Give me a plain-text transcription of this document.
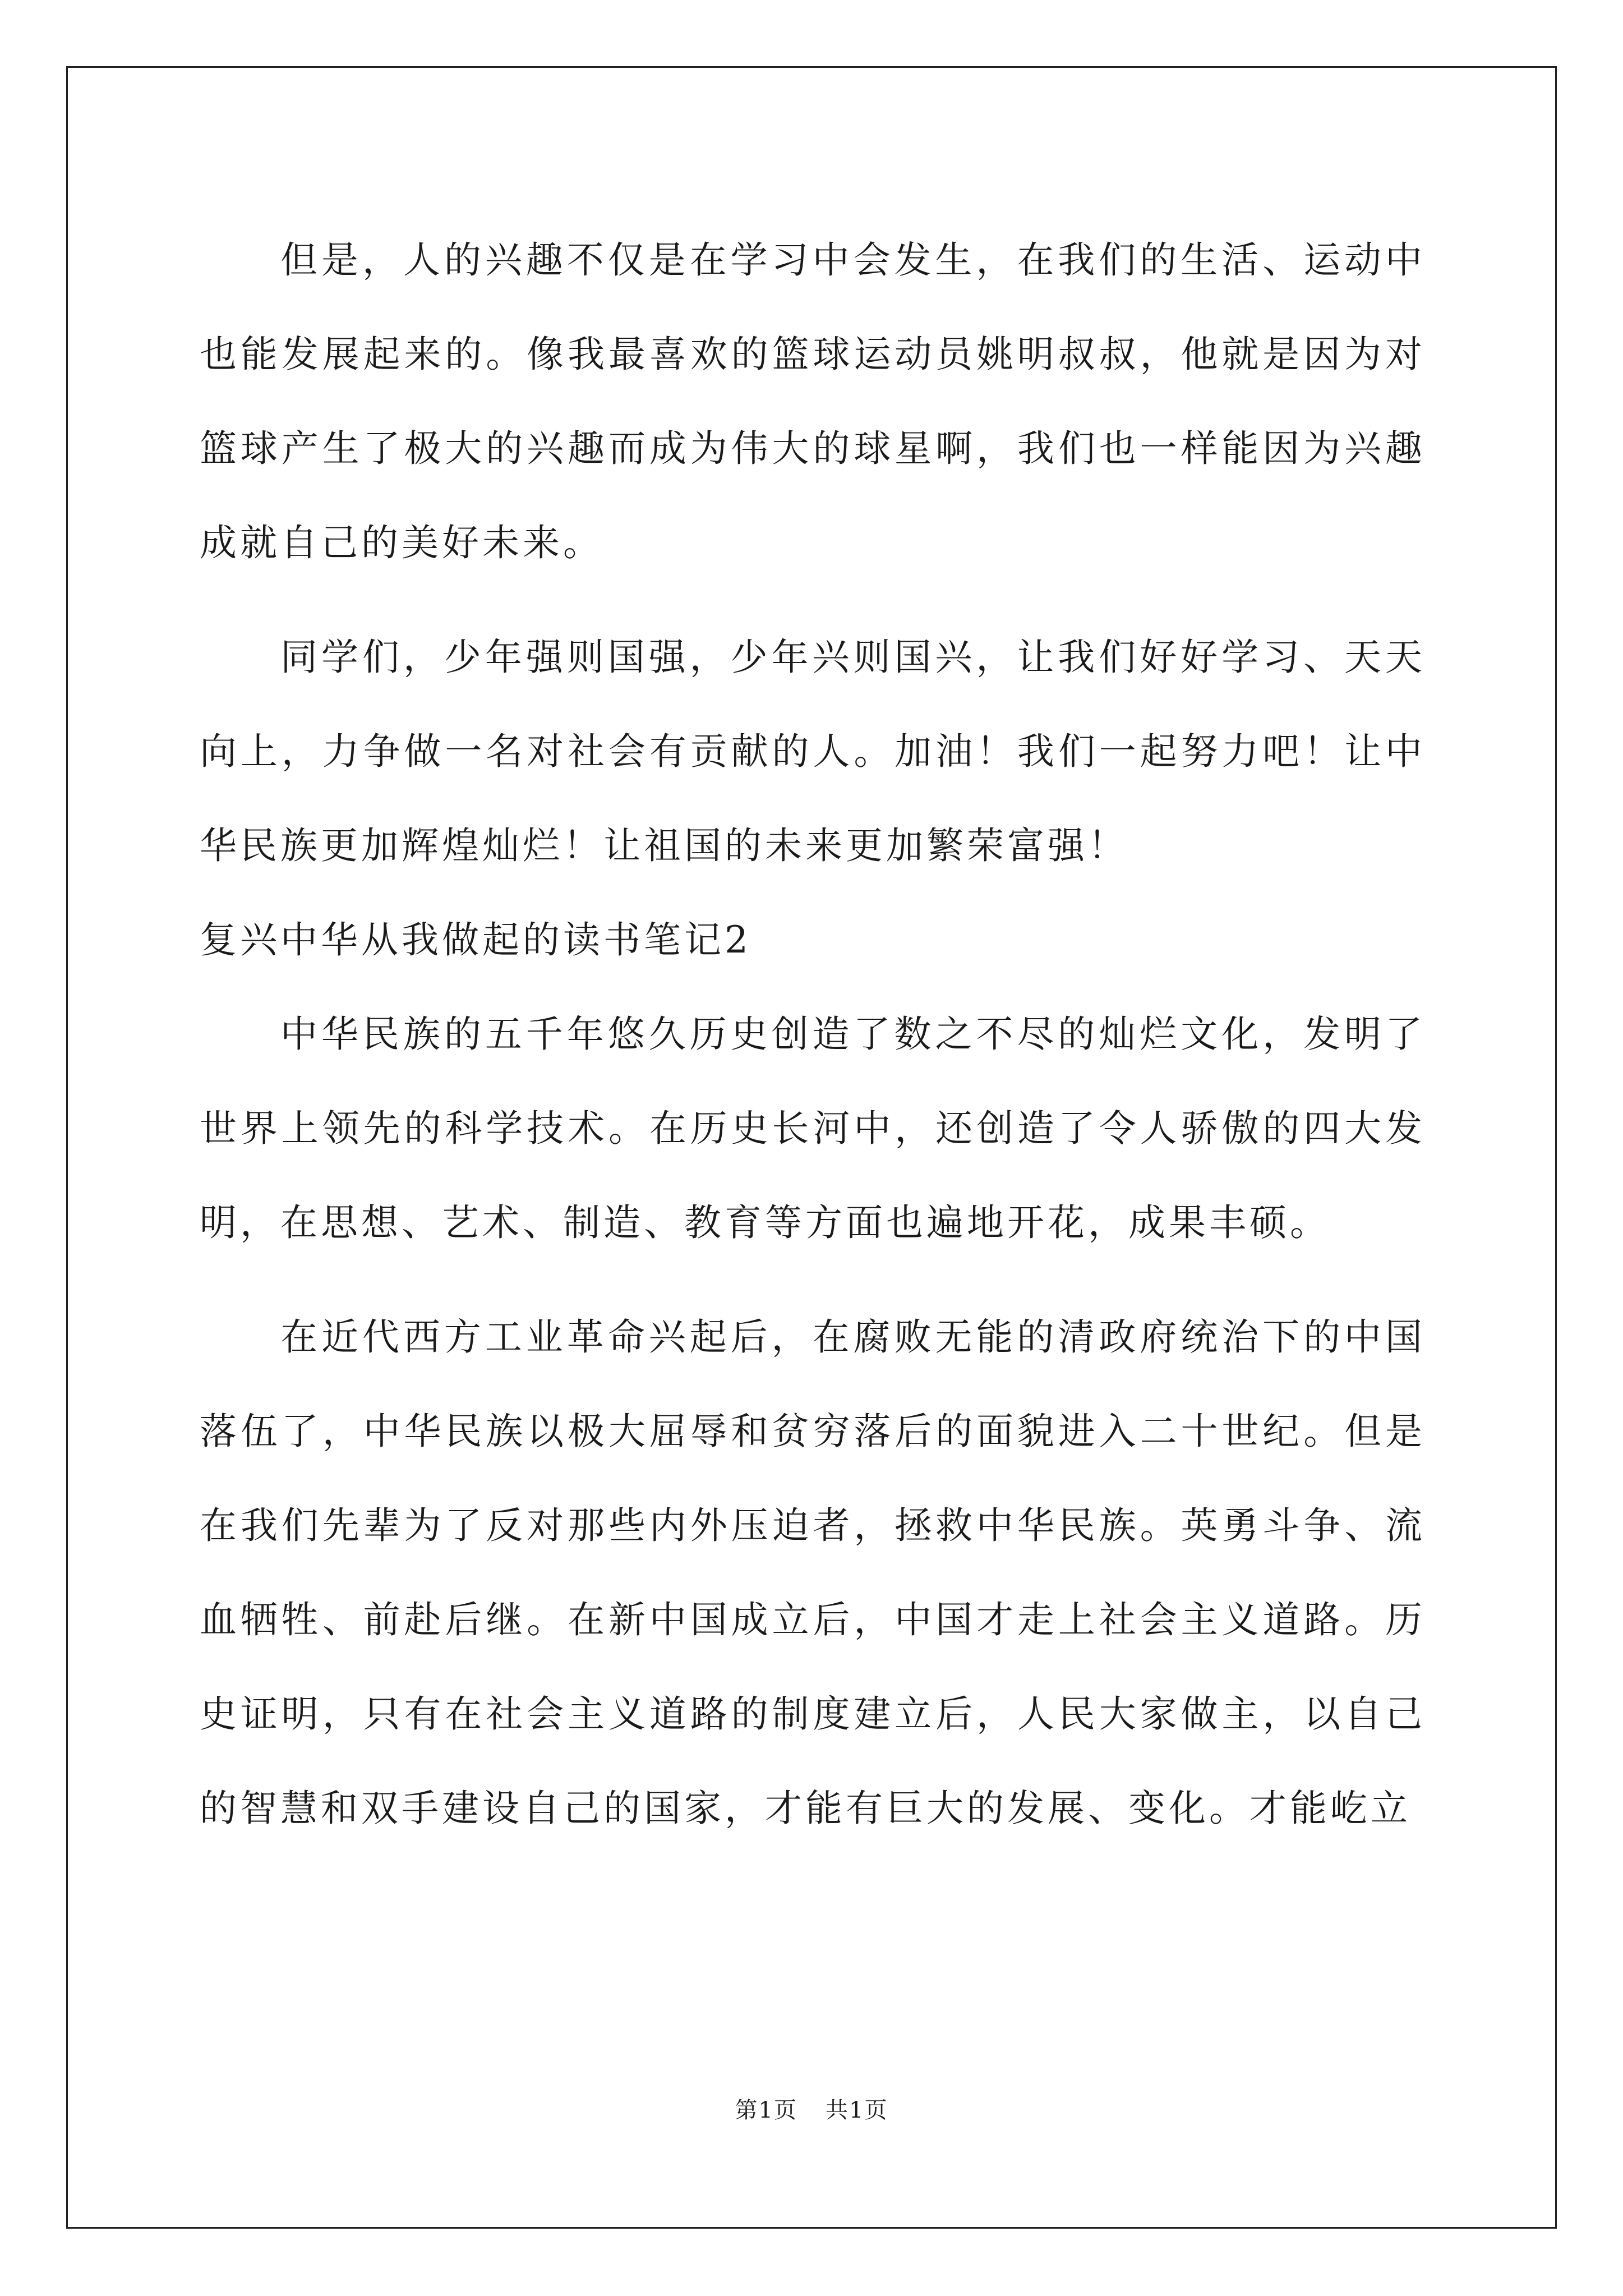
但是，人的兴趣不仅是在学习中会发生，在我们的生活、运动中也能发展起来的。像我最喜欢的篮球运动员姚明叔叔，他就是因为对篮球产生了极大的兴趣而成为伟大的球星啊，我们也一样能因为兴趣成就自己的美好未来。

同学们，少年强则国强，少年兴则国兴，让我们好好学习、天天向上，力争做一名对社会有贡献的人。加油！我们一起努力吧！让中华民族更加辉煌灿烂！让祖国的未来更加繁荣富强！

复兴中华从我做起的读书笔记2

中华民族的五千年悠久历史创造了数之不尽的灿烂文化，发明了世界上领先的科学技术。在历史长河中，还创造了令人骄傲的四大发明，在思想、艺术、制造、教育等方面也遍地开花，成果丰硕。

在近代西方工业革命兴起后，在腐败无能的清政府统治下的中国落伍了，中华民族以极大屈辱和贫穷落后的面貌进入二十世纪。但是在我们先辈为了反对那些内外压迫者，拯救中华民族。英勇斗争、流血牺牲、前赴后继。在新中国成立后，中国才走上社会主义道路。历史证明，只有在社会主义道路的制度建立后，人民大家做主，以自己的智慧和双手建设自己的国家，才能有巨大的发展、变化。才能屹立

第1页 共1页
